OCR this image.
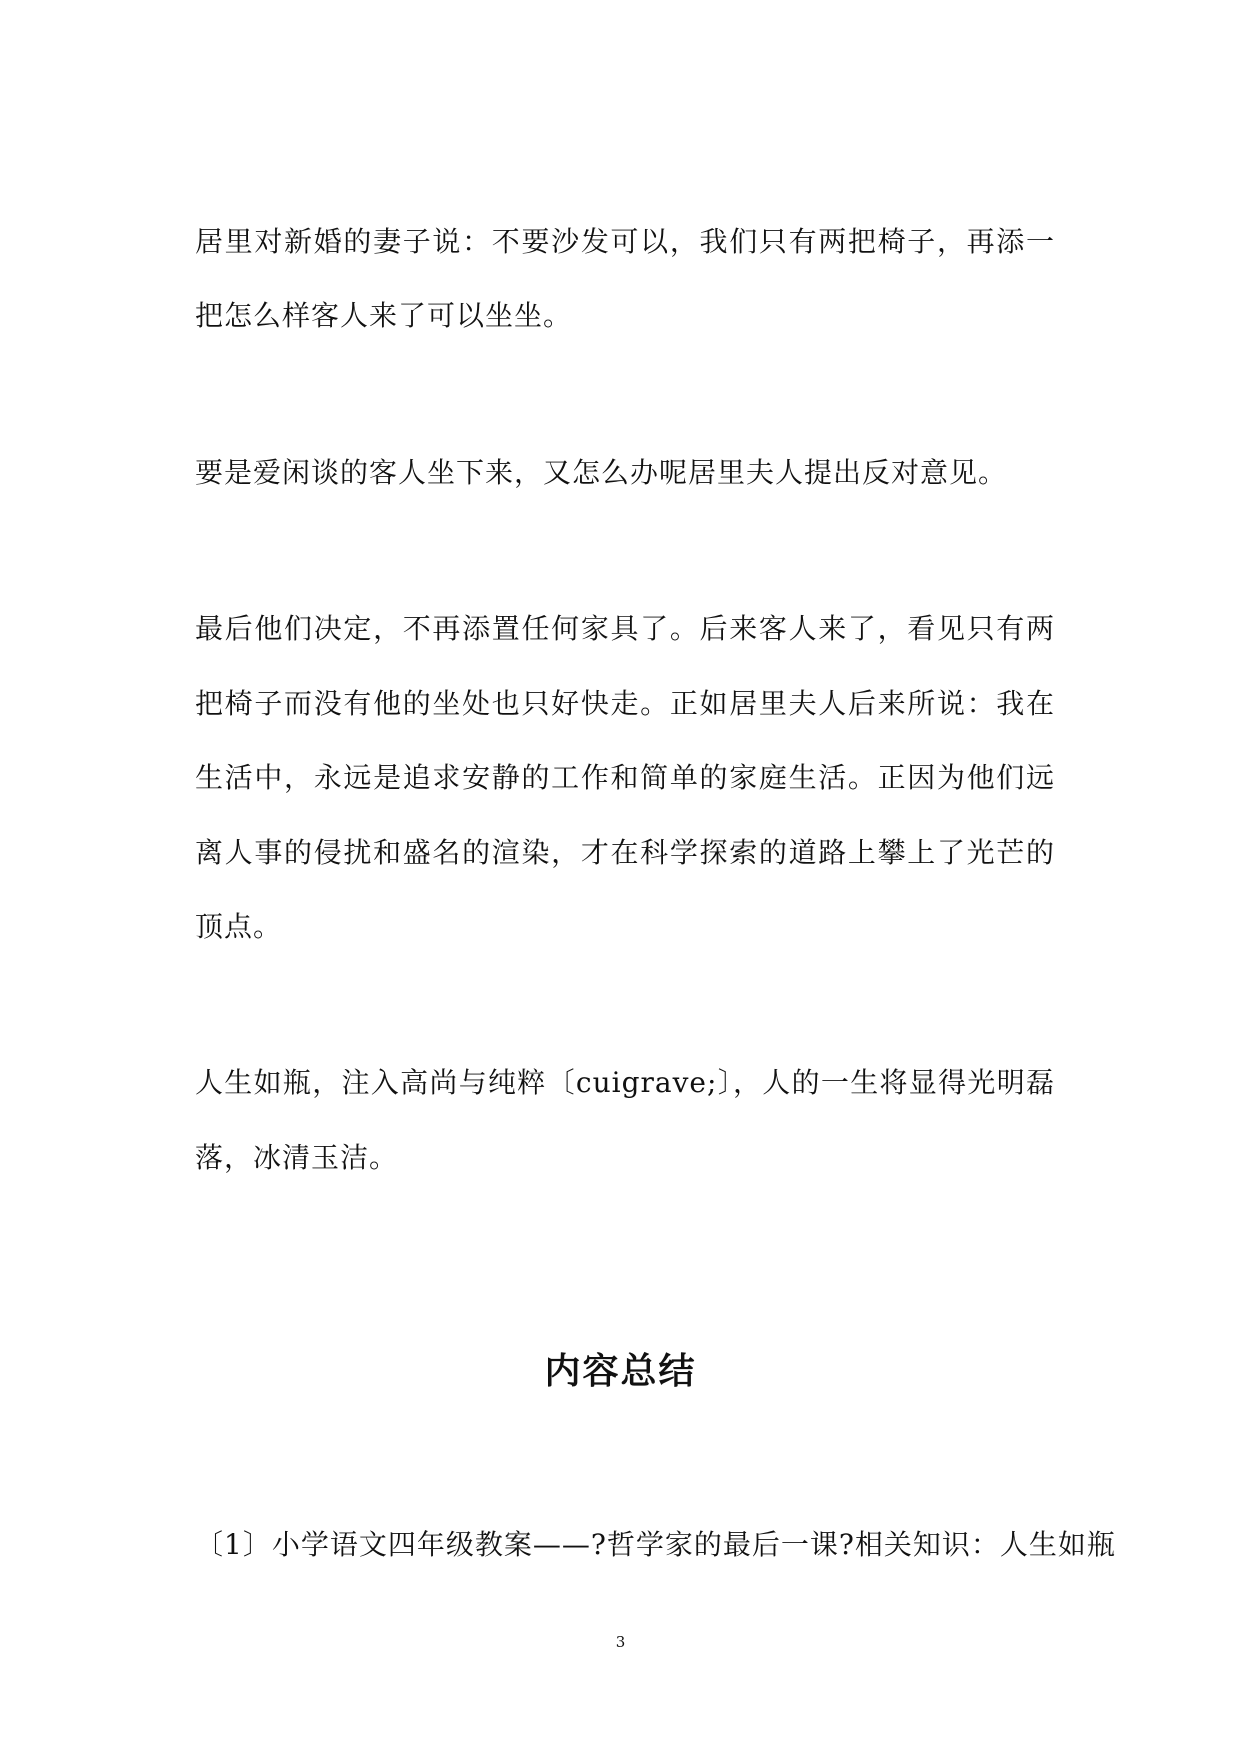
居里对新婚的妻子说：不要沙发可以，我们只有两把椅子，再添一
把怎么样客人来了可以坐坐。
要是爱闲谈的客人坐下来，又怎么办呢居里夫人提出反对意见。
最后他们决定，不再添置任何家具了。后来客人来了，看见只有两
把椅子而没有他的坐处也只好快走。正如居里夫人后来所说：我在
生活中，永远是追求安静的工作和简单的家庭生活。正因为他们远
离人事的侵扰和盛名的渲染，才在科学探索的道路上攀上了光芒的
顶点。
人生如瓶，注入高尚与纯粹〔cuigrave;〕，人的一生将显得光明磊
落，冰清玉洁。
内容总结
〔1〕小学语文四年级教案——?哲学家的最后一课?相关知识：人生如瓶
3
